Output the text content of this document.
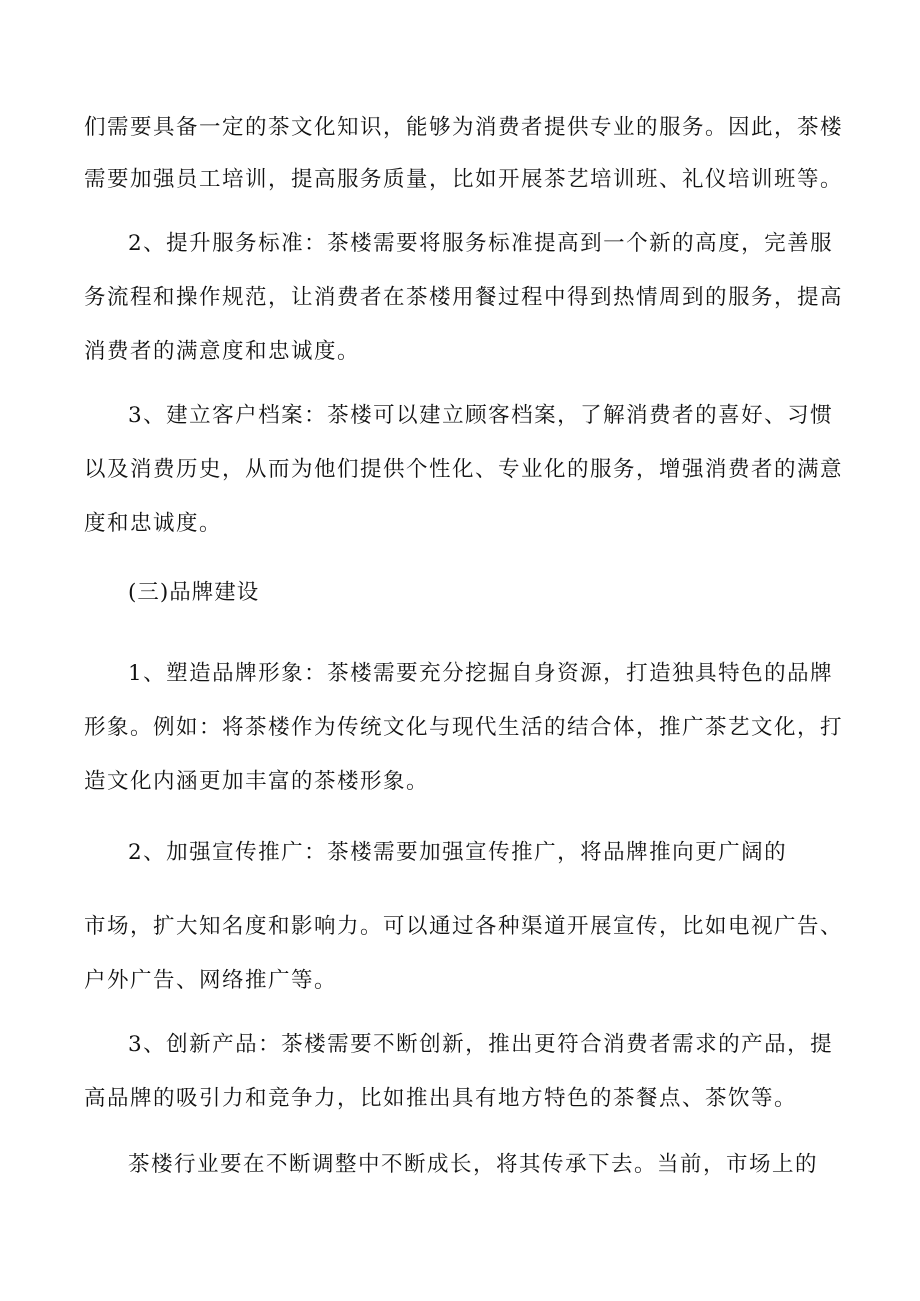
们需要具备一定的茶文化知识，能够为消费者提供专业的服务。因此，茶楼
需要加强员工培训，提高服务质量，比如开展茶艺培训班、礼仪培训班等。
2、提升服务标准：茶楼需要将服务标准提高到一个新的高度，完善服
务流程和操作规范，让消费者在茶楼用餐过程中得到热情周到的服务，提高
消费者的满意度和忠诚度。
3、建立客户档案：茶楼可以建立顾客档案，了解消费者的喜好、习惯
以及消费历史，从而为他们提供个性化、专业化的服务，增强消费者的满意
度和忠诚度。
(三)品牌建设
1、塑造品牌形象：茶楼需要充分挖掘自身资源，打造独具特色的品牌
形象。例如：将茶楼作为传统文化与现代生活的结合体，推广茶艺文化，打
造文化内涵更加丰富的茶楼形象。
2、加强宣传推广：茶楼需要加强宣传推广，将品牌推向更广阔的
市场，扩大知名度和影响力。可以通过各种渠道开展宣传，比如电视广告、
户外广告、网络推广等。
3、创新产品：茶楼需要不断创新，推出更符合消费者需求的产品，提
高品牌的吸引力和竞争力，比如推出具有地方特色的茶餐点、茶饮等。
茶楼行业要在不断调整中不断成长，将其传承下去。当前，市场上的
